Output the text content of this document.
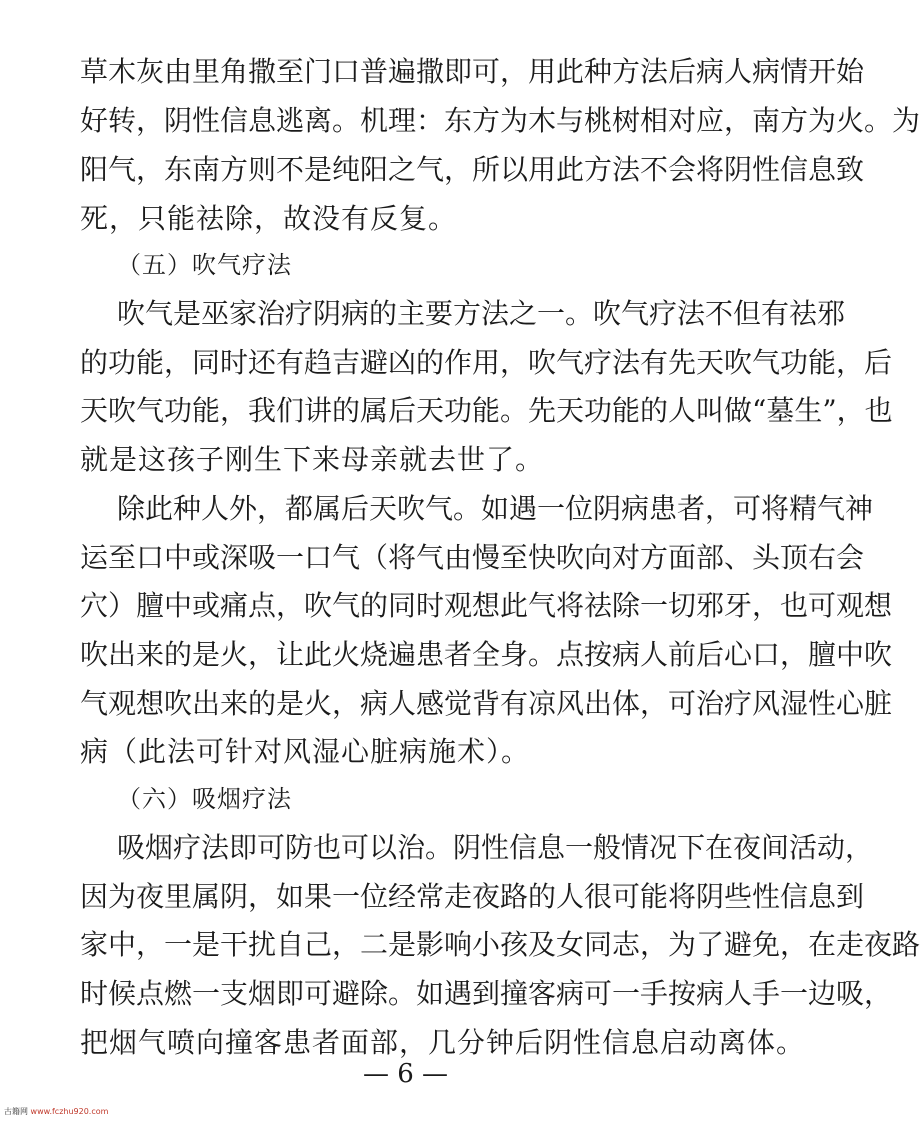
草木灰由里角撒至门口普遍撒即可，用此种方法后病人病情开始
好转，阴性信息逃离。机理：东方为木与桃树相对应，南方为火。为
阳气，东南方则不是纯阳之气，所以用此方法不会将阴性信息致
死，只能祛除，故没有反复。
（五）吹气疗法
吹气是巫家治疗阴病的主要方法之一。吹气疗法不但有祛邪
的功能，同时还有趋吉避凶的作用，吹气疗法有先天吹气功能，后
天吹气功能，我们讲的属后天功能。先天功能的人叫做“墓生”，也
就是这孩子刚生下来母亲就去世了。
除此种人外，都属后天吹气。如遇一位阴病患者，可将精气神
运至口中或深吸一口气（将气由慢至快吹向对方面部、头顶右会
穴）膻中或痛点，吹气的同时观想此气将祛除一切邪牙，也可观想
吹出来的是火，让此火烧遍患者全身。点按病人前后心口，膻中吹
气观想吹出来的是火，病人感觉背有凉风出体，可治疗风湿性心脏
病（此法可针对风湿心脏病施术）。
（六）吸烟疗法
吸烟疗法即可防也可以治。阴性信息一般情况下在夜间活动，
因为夜里属阴，如果一位经常走夜路的人很可能将阴些性信息到
家中，一是干扰自己，二是影响小孩及女同志，为了避免，在走夜路
时候点燃一支烟即可避除。如遇到撞客病可一手按病人手一边吸，
把烟气喷向撞客患者面部，几分钟后阴性信息启动离体。
古籍网 www.fczhu920.com
— 6 —
